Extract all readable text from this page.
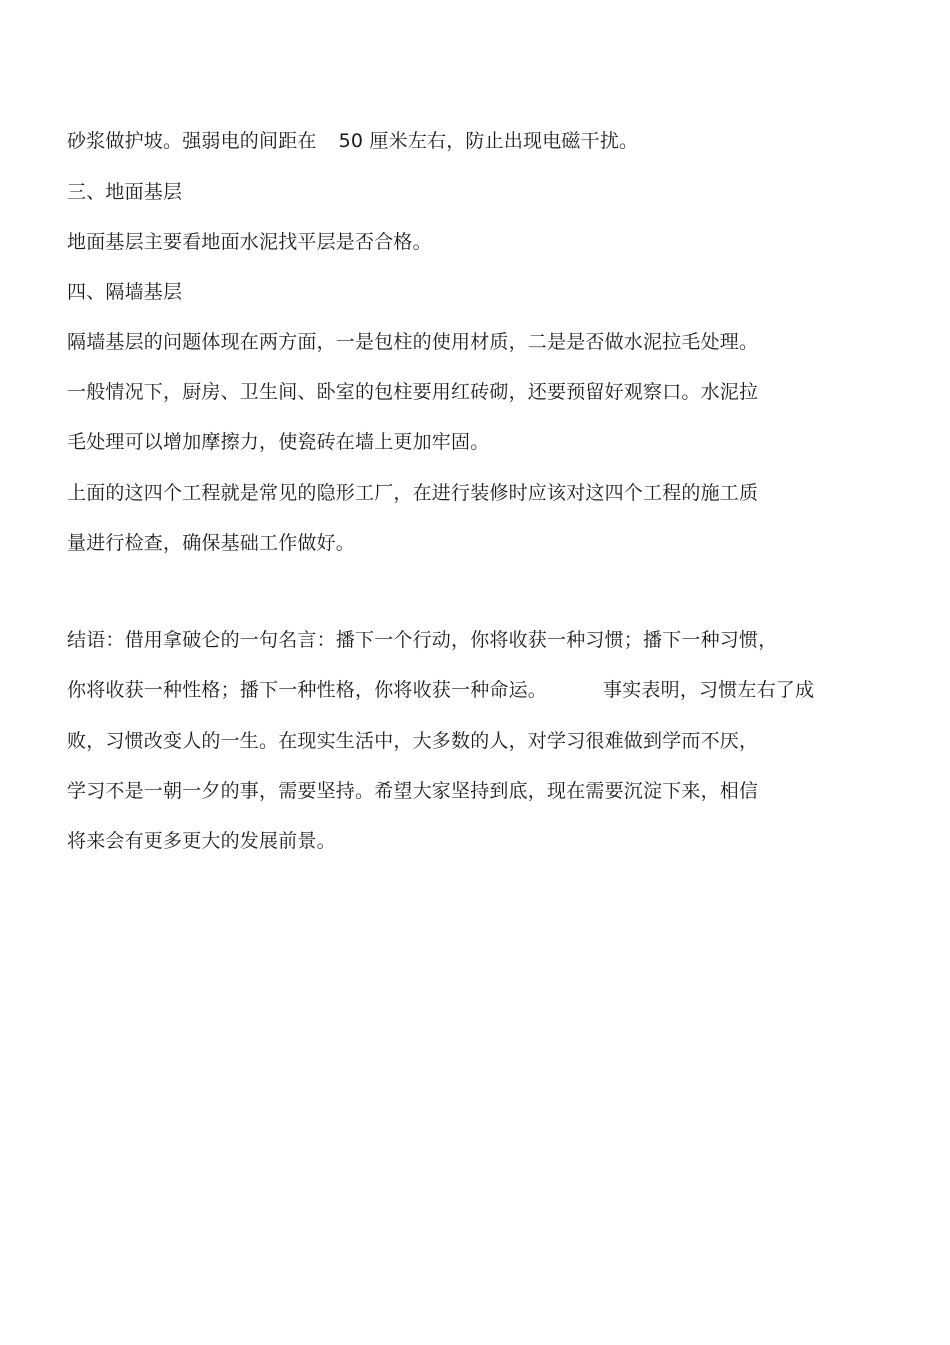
砂浆做护坡。强弱电的间距在 50 厘米左右，防止出现电磁干扰。
三、地面基层
地面基层主要看地面水泥找平层是否合格。
四、隔墙基层
隔墙基层的问题体现在两方面，一是包柱的使用材质，二是是否做水泥拉毛处理。
一般情况下，厨房、卫生间、卧室的包柱要用红砖砌，还要预留好观察口。水泥拉
毛处理可以增加摩擦力，使瓷砖在墙上更加牢固。
上面的这四个工程就是常见的隐形工厂，在进行装修时应该对这四个工程的施工质
量进行检查，确保基础工作做好。
结语：借用拿破仑的一句名言：播下一个行动，你将收获一种习惯；播下一种习惯，
你将收获一种性格；播下一种性格，你将收获一种命运。	事实表明，习惯左右了成
败，习惯改变人的一生。在现实生活中，大多数的人，对学习很难做到学而不厌，
学习不是一朝一夕的事，需要坚持。希望大家坚持到底，现在需要沉淀下来，相信
将来会有更多更大的发展前景。
